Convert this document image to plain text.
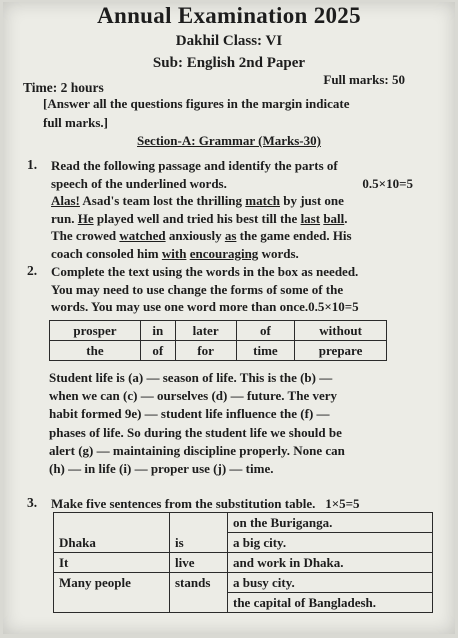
Annual Examination 2025
Dakhil Class: VI
Sub: English 2nd Paper
Time: 2 hours
Full marks: 50
[Answer all the questions figures in the margin indicate
full marks.]
Section-A: Grammar (Marks-30)
1. Read the following passage and identify the parts of
speech of the underlined words.	0.5×10=5
Alas! Asad's team lost the thrilling match by just one
run. He played well and tried his best till the last ball.
The crowed watched anxiously as the game ended. His
coach consoled him with encouraging words.
2. Complete the text using the words in the box as needed.
You may need to use change the forms of some of the
words. You may use one word more than once.0.5×10=5
prosper	in	later	of	without
the	of	for	time	prepare
Student life is (a) — season of life. This is the (b) —
when we can (c) — ourselves (d) — future. The very
habit formed 9e) — student life influence the (f) —
phases of life. So during the student life we should be
alert (g) — maintaining discipline properly. None can
(h) — in life (i) — proper use (j) — time.
3. Make five sentences from the substitution table. 1×5=5
Dhaka	is	on the Buriganga.
		a big city.
It	live	and work in Dhaka.
Many people	stands	a busy city.
		the capital of Bangladesh.
